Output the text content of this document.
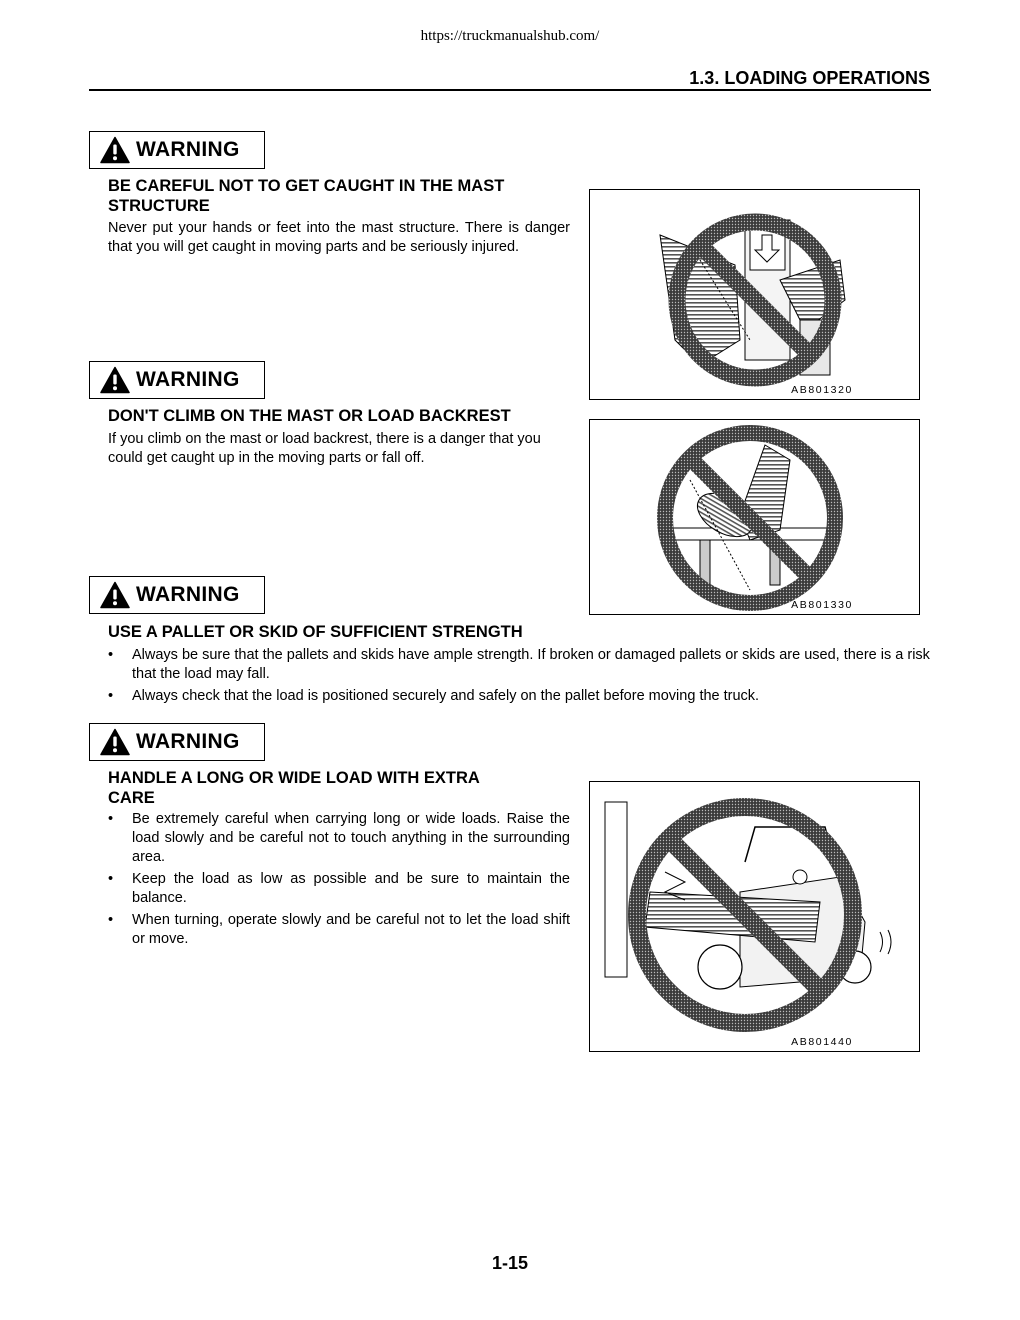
https://truckmanualshub.com/
1.3. LOADING OPERATIONS
WARNING
BE CAREFUL NOT TO GET CAUGHT IN THE MAST
STRUCTURE
Never put your hands or feet into the mast structure. There is danger that you will get caught in moving parts and be seriously injured.
AB801320
WARNING
DON'T CLIMB ON THE MAST OR LOAD BACKREST
If you climb on the mast or load backrest, there is a danger that you could get caught up in the moving parts or fall off.
AB801330
WARNING
USE A PALLET OR SKID OF SUFFICIENT STRENGTH
• Always be sure that the pallets and skids have ample strength. If broken or damaged pallets or skids are used, there is a risk that the load may fall.
• Always check that the load is positioned securely and safely on the pallet before moving the truck.
WARNING
HANDLE A LONG OR WIDE LOAD WITH EXTRA
CARE
• Be extremely careful when carrying long or wide loads. Raise the load slowly and be careful not to touch anything in the surrounding area.
• Keep the load as low as possible and be sure to maintain the balance.
• When turning, operate slowly and be careful not to let the load shift or move.
AB801440
1-15
